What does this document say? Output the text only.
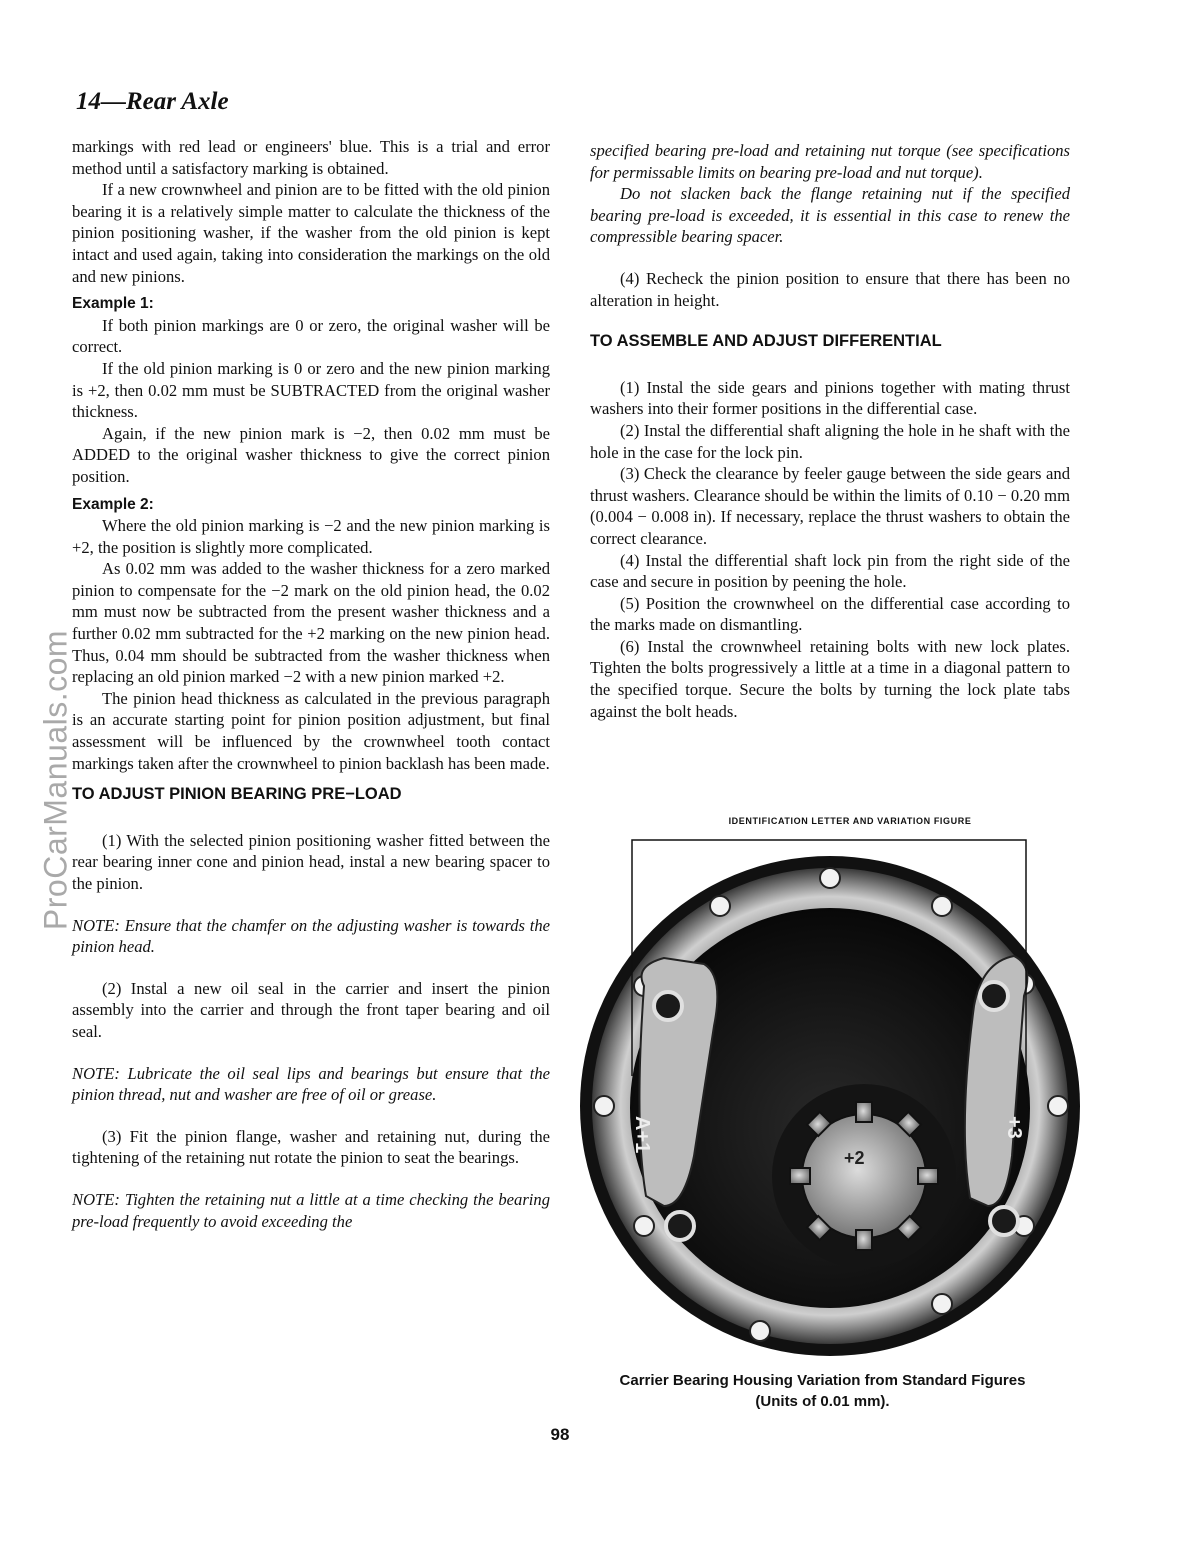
14—Rear Axle
ProCarManuals.com

markings with red lead or engineers' blue. This is a trial and error method until a satisfactory marking is obtained.

If a new crownwheel and pinion are to be fitted with the old pinion bearing it is a relatively simple matter to calculate the thickness of the pinion positioning washer, if the washer from the old pinion is kept intact and used again, taking into consideration the markings on the old and new pinions.

Example 1:

If both pinion markings are 0 or zero, the original washer will be correct.

If the old pinion marking is 0 or zero and the new pinion marking is +2, then 0.02 mm must be SUBTRACTED from the original washer thickness.

Again, if the new pinion mark is −2, then 0.02 mm must be ADDED to the original washer thickness to give the correct pinion position.

Example 2:

Where the old pinion marking is −2 and the new pinion marking is +2, the position is slightly more complicated.

As 0.02 mm was added to the washer thickness for a zero marked pinion to compensate for the −2 mark on the old pinion head, the 0.02 mm must now be subtracted from the present washer thickness and a further 0.02 mm subtracted for the +2 marking on the new pinion head. Thus, 0.04 mm should be subtracted from the washer thickness when replacing an old pinion marked −2 with a new pinion marked +2.

The pinion head thickness as calculated in the previous paragraph is an accurate starting point for pinion position adjustment, but final assessment will be influenced by the crownwheel tooth contact markings taken after the crownwheel to pinion backlash has been made.

TO ADJUST PINION BEARING PRE−LOAD

(1) With the selected pinion positioning washer fitted between the rear bearing inner cone and pinion head, instal a new bearing spacer to the pinion.

NOTE: Ensure that the chamfer on the adjusting washer is towards the pinion head.

(2) Instal a new oil seal in the carrier and insert the pinion assembly into the carrier and through the front taper bearing and oil seal.

NOTE: Lubricate the oil seal lips and bearings but ensure that the pinion thread, nut and washer are free of oil or grease.

(3) Fit the pinion flange, washer and retaining nut, during the tightening of the retaining nut rotate the pinion to seat the bearings.

NOTE: Tighten the retaining nut a little at a time checking the bearing pre-load frequently to avoid exceeding the

specified bearing pre-load and retaining nut torque (see specifications for permissable limits on bearing pre-load and nut torque).

Do not slacken back the flange retaining nut if the specified bearing pre-load is exceeded, it is essential in this case to renew the compressible bearing spacer.

(4) Recheck the pinion position to ensure that there has been no alteration in height.

TO ASSEMBLE AND ADJUST DIFFERENTIAL

(1) Instal the side gears and pinions together with mating thrust washers into their former positions in the differential case.

(2) Instal the differential shaft aligning the hole in he shaft with the hole in the case for the lock pin.

(3) Check the clearance by feeler gauge between the side gears and thrust washers. Clearance should be within the limits of 0.10 − 0.20 mm (0.004 − 0.008 in). If necessary, replace the thrust washers to obtain the correct clearance.

(4) Instal the differential shaft lock pin from the right side of the case and secure in position by peening the hole.

(5) Position the crownwheel on the differential case according to the marks made on dismantling.

(6) Instal the crownwheel retaining bolts with new lock plates. Tighten the bolts progressively a little at a time in a diagonal pattern to the specified torque. Secure the bolts by turning the lock plate tabs against the bolt heads.

IDENTIFICATION LETTER AND VARIATION FIGURE
A+1	+3
+2
Carrier Bearing Housing Variation from Standard Figures
(Units of 0.01 mm).
98
